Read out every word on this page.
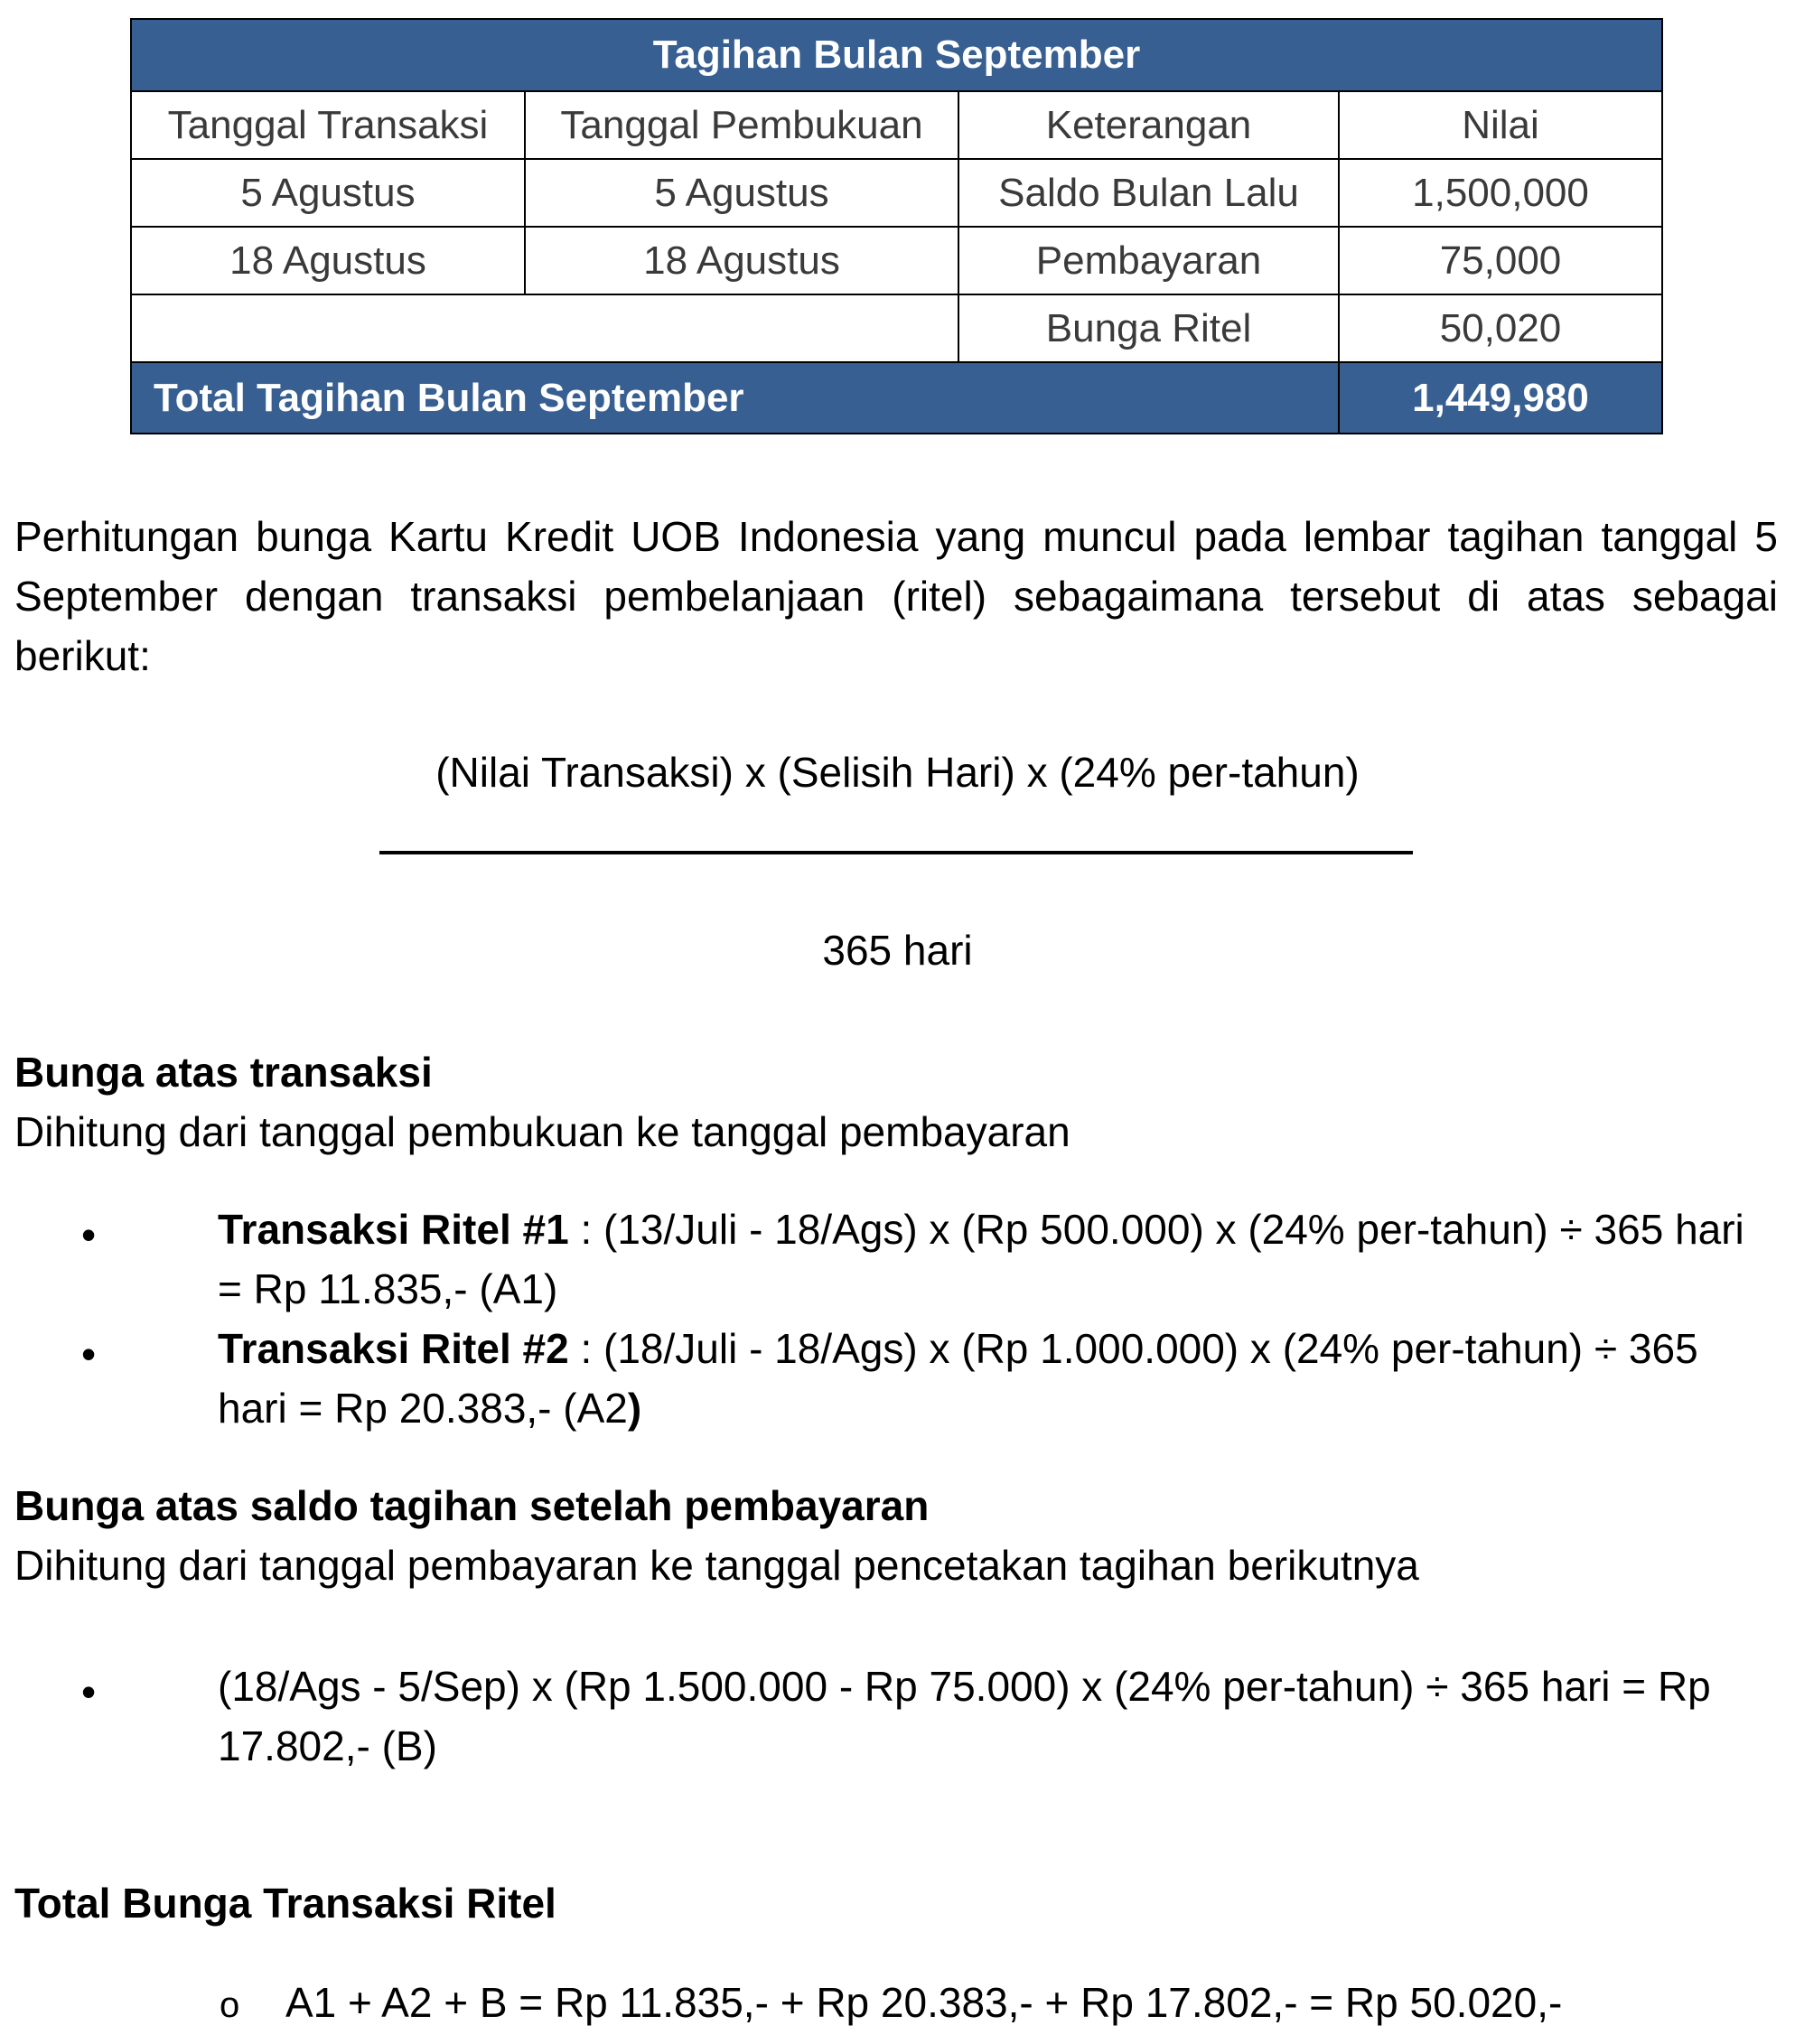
Tagihan Bulan September			
Tanggal Transaksi	Tanggal Pembukuan	Keterangan	Nilai
5 Agustus	5 Agustus	Saldo Bulan Lalu	1,500,000
18 Agustus	18 Agustus	Pembayaran	75,000
		Bunga Ritel	50,020
Total Tagihan Bulan September			1,449,980

Perhitungan bunga Kartu Kredit UOB Indonesia yang muncul pada lembar tagihan tanggal 5 September dengan transaksi pembelanjaan (ritel) sebagaimana tersebut di atas sebagai berikut:

(Nilai Transaksi) x (Selisih Hari) x (24% per-tahun)
365 hari
Bunga atas transaksi
Dihitung dari tanggal pembukuan ke tanggal pembayaran
•	Transaksi Ritel #1 : (13/Juli - 18/Ags) x (Rp 500.000) x (24% per-tahun) ÷ 365 hari = Rp 11.835,- (A1)

•	Transaksi Ritel #2 : (18/Juli - 18/Ags) x (Rp 1.000.000) x (24% per-tahun) ÷ 365 hari = Rp 20.383,- (A2)

Bunga atas saldo tagihan setelah pembayaran
Dihitung dari tanggal pembayaran ke tanggal pencetakan tagihan berikutnya
•	(18/Ags - 5/Sep) x (Rp 1.500.000 - Rp 75.000) x (24% per-tahun) ÷ 365 hari = Rp 17.802,- (B)

Total Bunga Transaksi Ritel
o A1 + A2 + B = Rp 11.835,- + Rp 20.383,- + Rp 17.802,- = Rp 50.020,-
